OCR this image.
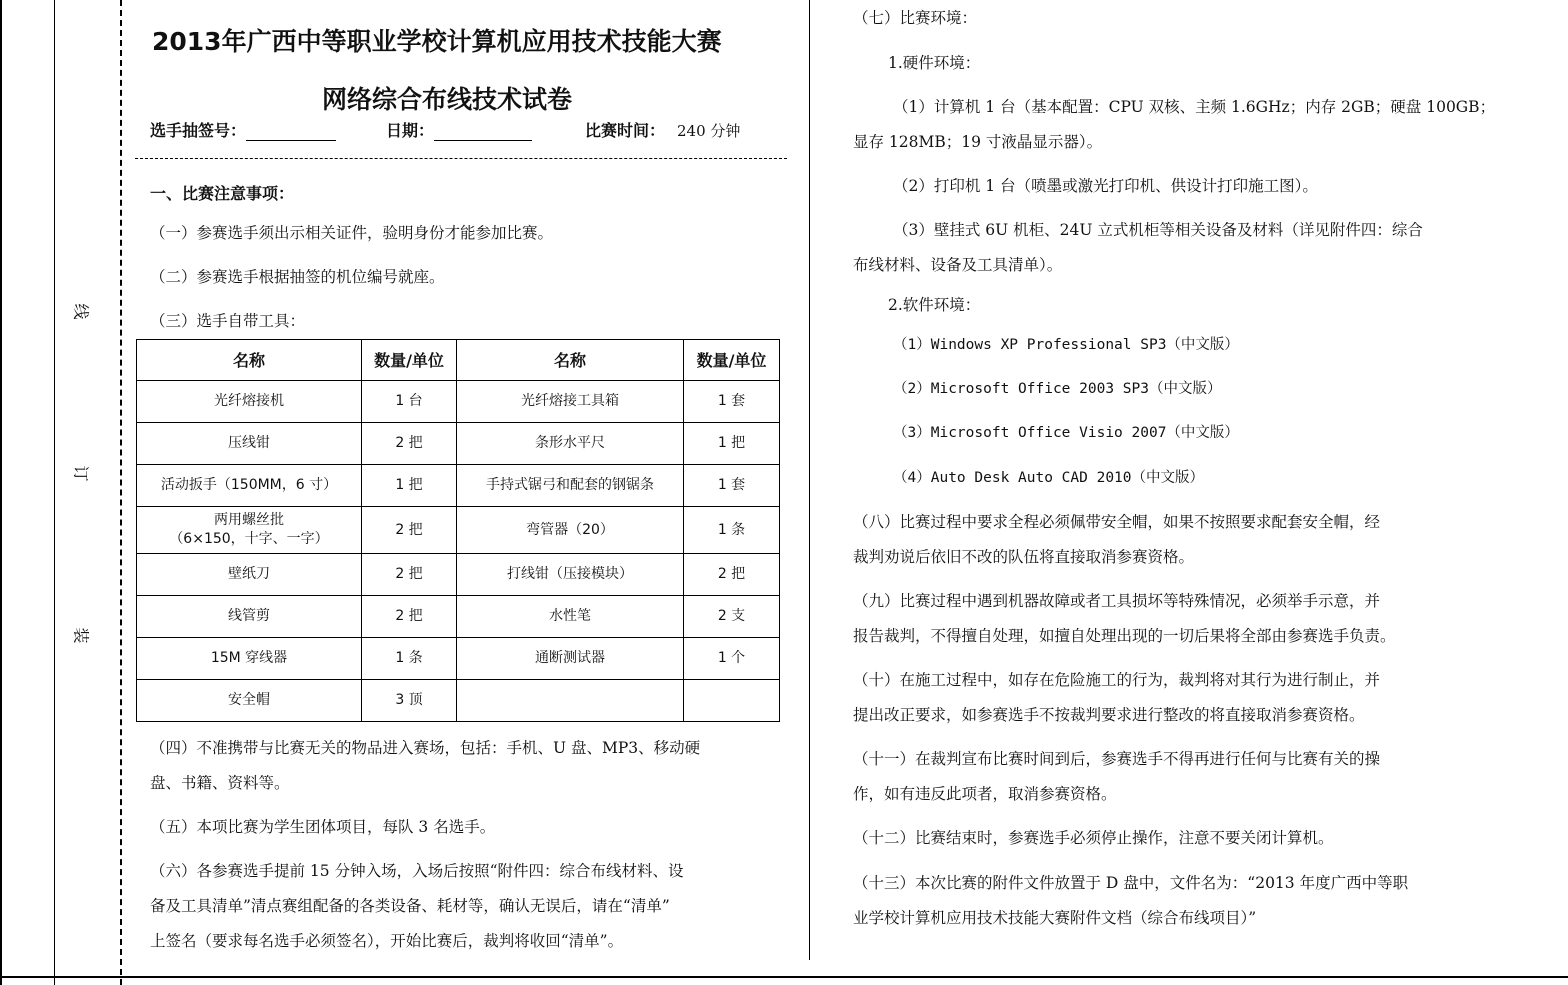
线
订
装
2013年广西中等职业学校计算机应用技术技能大赛
网络综合布线技术试卷
选手抽签号：	日期：	比赛时间： 240 分钟
一、比赛注意事项：
（一）参赛选手须出示相关证件，验明身份才能参加比赛。
（二）参赛选手根据抽签的机位编号就座。
（三）选手自带工具：
名称	数量/单位	名称	数量/单位
光纤熔接机	1 台	光纤熔接工具箱	1 套
压线钳	2 把	条形水平尺	1 把
活动扳手（150MM，6 寸）	1 把	手持式锯弓和配套的钢锯条	1 套

两用螺丝批
（6×150，十字、一字）	2 把	弯管器（20）	1 条
壁纸刀	2 把	打线钳（压接模块）	2 把
线管剪	2 把	水性笔	2 支
15M 穿线器	1 条	通断测试器	1 个
安全帽	3 顶		
（四）不准携带与比赛无关的物品进入赛场，包括：手机、U 盘、MP3、移动硬
盘、书籍、资料等。
（五）本项比赛为学生团体项目，每队 3 名选手。
（六）各参赛选手提前 15 分钟入场，入场后按照“附件四：综合布线材料、设
备及工具清单”清点赛组配备的各类设备、耗材等，确认无误后，请在“清单”
上签名（要求每名选手必须签名），开始比赛后，裁判将收回“清单”。
（七）比赛环境：
1.硬件环境：
（1）计算机 1 台（基本配置：CPU 双核、主频 1.6GHz；内存 2GB；硬盘 100GB；
显存 128MB；19 寸液晶显示器）。
（2）打印机 1 台（喷墨或激光打印机、供设计打印施工图）。
（3）壁挂式 6U 机柜、24U 立式机柜等相关设备及材料（详见附件四：综合
布线材料、设备及工具清单）。
2.软件环境：
（1）Windows XP Professional SP3（中文版）
（2）Microsoft Office 2003 SP3（中文版）
（3）Microsoft Office Visio 2007（中文版）
（4）Auto Desk Auto CAD 2010（中文版）
（八）比赛过程中要求全程必须佩带安全帽，如果不按照要求配套安全帽，经
裁判劝说后依旧不改的队伍将直接取消参赛资格。
（九）比赛过程中遇到机器故障或者工具损坏等特殊情况，必须举手示意，并
报告裁判，不得擅自处理，如擅自处理出现的一切后果将全部由参赛选手负责。
（十）在施工过程中，如存在危险施工的行为，裁判将对其行为进行制止，并
提出改正要求，如参赛选手不按裁判要求进行整改的将直接取消参赛资格。
（十一）在裁判宣布比赛时间到后，参赛选手不得再进行任何与比赛有关的操
作，如有违反此项者，取消参赛资格。
（十二）比赛结束时，参赛选手必须停止操作，注意不要关闭计算机。
（十三）本次比赛的附件文件放置于 D 盘中，文件名为：“2013 年度广西中等职
业学校计算机应用技术技能大赛附件文档（综合布线项目）”
